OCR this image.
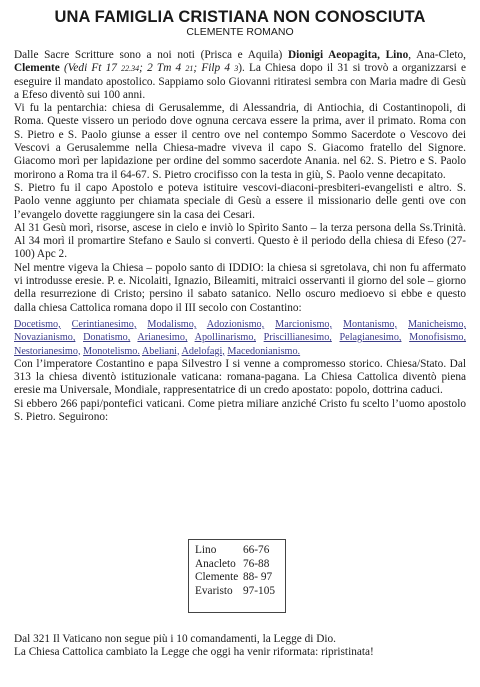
UNA FAMIGLIA CRISTIANA NON CONOSCIUTA
CLEMENTE ROMANO

Dalle Sacre Scritture sono a noi noti (Prisca e Aquila) Dionigi Aeopagita, Lino, Ana-Cleto, Clemente (Vedi Ft 17 22.34; 2 Tm 4 21; Filp 4 3). La Chiesa dopo il 31 si trovò a organizzarsi e eseguire il mandato apostolico. Sappiamo solo Giovanni ritiratesi sembra con Maria madre di Gesù a Efeso diventò sui 100 anni.

Vi fu la pentarchia: chiesa di Gerusalemme, di Alessandria, di Antiochia, di Costantinopoli, di Roma. Queste vissero un periodo dove ognuna cercava essere la prima, aver il primato. Roma con S. Pietro e S. Paolo giunse a esser il centro ove nel contempo Sommo Sacerdote o Vescovo dei Vescovi a Gerusalemme nella Chiesa-madre viveva il capo S. Giacomo fratello del Signore. Giacomo morì per lapidazione per ordine del sommo sacerdote Anania. nel 62. S. Pietro e S. Paolo morirono a Roma tra il 64-67. S. Pietro crocifisso con la testa in giù, S. Paolo venne decapitato.

S. Pietro fu il capo Apostolo e poteva istituire vescovi-diaconi-presbiteri-evangelisti e altro. S. Paolo venne aggiunto per chiamata speciale di Gesù a essere il missionario delle genti ove con l’evangelo dovette raggiungere sin la casa dei Cesari.

Al 31 Gesù morì, risorse, ascese in cielo e inviò lo Spìrito Santo – la terza persona della Ss.Trinità. Al 34 morì il promartire Stefano e Saulo si converti. Questo è il periodo della chiesa di Efeso (27-100) Apc 2.

Nel mentre vigeva la Chiesa – popolo santo di IDDIO: la chiesa si sgretolava, chi non fu affermato vi introdusse eresie. P. e. Nicolaiti, Ignazio, Bileamiti, mitraici osservanti il giorno del sole – giorno della resurrezione di Cristo; persino il sabato satanico. Nello oscuro medioevo si ebbe e questo dalla chiesa Cattolica romana dopo il III secolo con Costantino:

Docetismo, Cerintianesimo, Modalismo, Adozionismo, Marcionismo, Montanismo, Manicheismo, Novazianismo, Donatismo, Arianesimo, Apollinarismo, Priscillianesimo, Pelagianesimo, Monofisismo, Nestorianesimo, Monotelismo. Abeliani, Adelofagi, Macedonianismo.

Con l’imperatore Costantino e papa Silvestro I si venne a compromesso storico. Chiesa/Stato. Dal 313 la chiesa diventò istituzionale vaticana: romana-pagana. La Chiesa Cattolica diventò piena eresie ma Universale, Mondiale, rappresentatrice di un credo apostato: popolo, dottrina caduci.

Si ebbero 266 papi/pontefici vaticani. Come pietra miliare anziché Cristo fu scelto l’uomo apostolo S. Pietro. Seguirono:

Lino	66-76
Anacleto 76-88
Clemente 88- 97
Evaristo 97-105

Dal 321 Il Vaticano non segue più i 10 comandamenti, la Legge di Dio.

La Chiesa Cattolica cambiato la Legge che oggi ha venir riformata: ripristinata!
